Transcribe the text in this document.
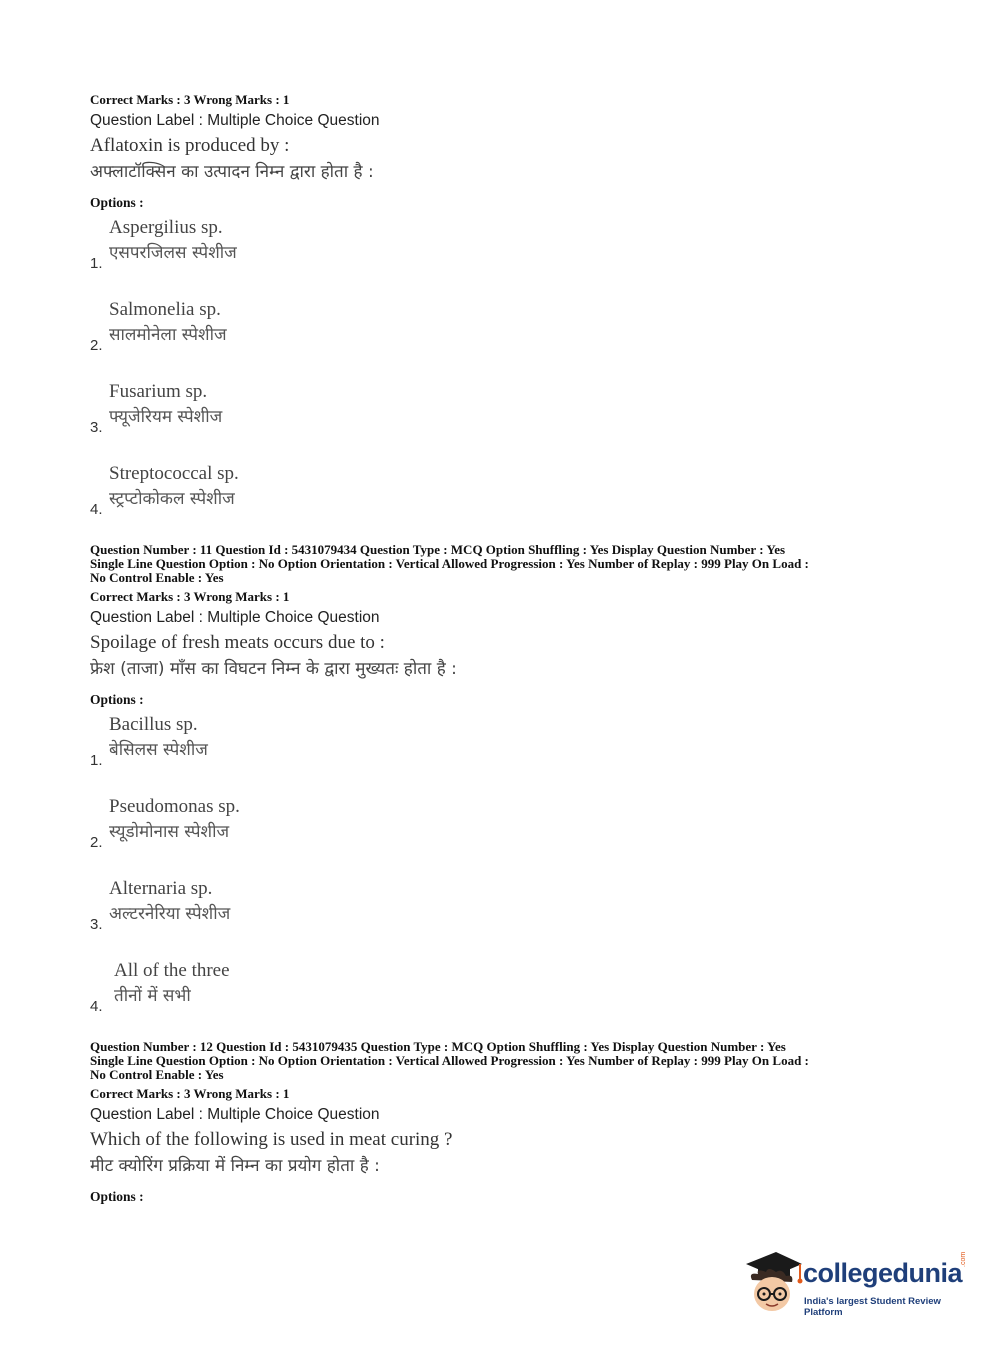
Correct Marks : 3 Wrong Marks : 1
Question Label : Multiple Choice Question
Aflatoxin is produced by :
अफ्लाटॉक्सिन का उत्पादन निम्न द्वारा होता है :
Options :
Aspergilius sp.
एसपरजिलस स्पेशीज
1.
Salmonelia sp.
सालमोनेला स्पेशीज
2.
Fusarium sp.
फ्यूजेरियम स्पेशीज
3.
Streptococcal sp.
स्ट्रप्टोकोकल स्पेशीज
4.
Question Number : 11 Question Id : 5431079434 Question Type : MCQ Option Shuffling : Yes Display Question Number : Yes
Single Line Question Option : No Option Orientation : Vertical Allowed Progression : Yes Number of Replay : 999 Play On Load :
No Control Enable : Yes
Correct Marks : 3 Wrong Marks : 1
Question Label : Multiple Choice Question
Spoilage of fresh meats occurs due to :
फ्रेश (ताजा) माँस का विघटन निम्न के द्वारा मुख्यतः होता है :
Options :
Bacillus sp.
बेसिलस स्पेशीज
1.
Pseudomonas sp.
स्यूडोमोनास स्पेशीज
2.
Alternaria sp.
अल्टरनेरिया स्पेशीज
3.
All of the three
तीनों में सभी
4.
Question Number : 12 Question Id : 5431079435 Question Type : MCQ Option Shuffling : Yes Display Question Number : Yes
Single Line Question Option : No Option Orientation : Vertical Allowed Progression : Yes Number of Replay : 999 Play On Load :
No Control Enable : Yes
Correct Marks : 3 Wrong Marks : 1
Question Label : Multiple Choice Question
Which of the following is used in meat curing ?
मीट क्योरिंग प्रक्रिया में निम्न का प्रयोग होता है :
Options :
collegedunia
.com
India's largest Student Review Platform
